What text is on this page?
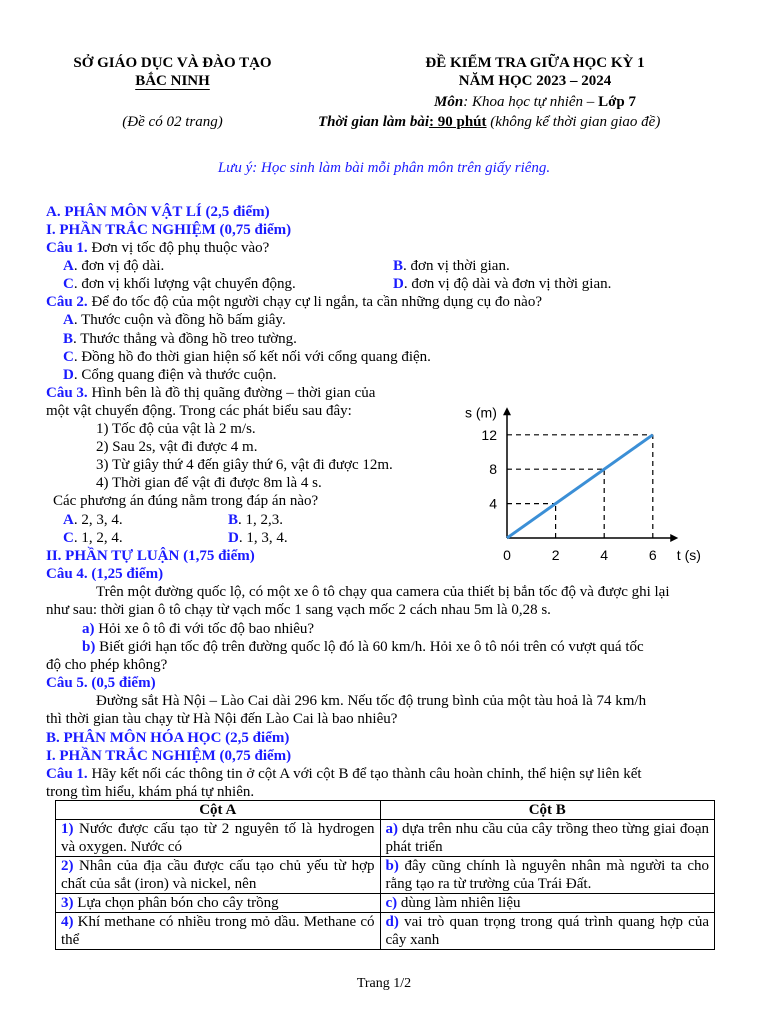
SỞ GIÁO DỤC VÀ ĐÀO TẠO
BẮC NINH
(Đề có 02 trang)
ĐỀ KIỂM TRA GIỮA HỌC KỲ 1
NĂM HỌC 2023 – 2024
Môn: Khoa học tự nhiên – Lớp 7
Thời gian làm bài: 90 phút (không kể thời gian giao đề)
Lưu ý: Học sinh làm bài mỗi phân môn trên giấy riêng.
A. PHÂN MÔN VẬT LÍ (2,5 điểm)
I. PHẦN TRẮC NGHIỆM (0,75 điểm)
Câu 1. Đơn vị tốc độ phụ thuộc vào?
A. đơn vị độ dài.	B. đơn vị thời gian.
C. đơn vị khối lượng vật chuyển động.	D. đơn vị độ dài và đơn vị thời gian.
Câu 2. Để đo tốc độ của một người chạy cự li ngắn, ta cần những dụng cụ đo nào?
A. Thước cuộn và đồng hồ bấm giây.
B. Thước thẳng và đồng hồ treo tường.
C. Đồng hồ đo thời gian hiện số kết nối với cổng quang điện.
D. Cổng quang điện và thước cuộn.
Câu 3. Hình bên là đồ thị quãng đường – thời gian của
một vật chuyển động. Trong các phát biểu sau đây:
1) Tốc độ của vật là 2 m/s.
2) Sau 2s, vật đi được 4 m.
3) Từ giây thứ 4 đến giây thứ 6, vật đi được 12m.
4) Thời gian để vật đi được 8m là 4 s.
Các phương án đúng nằm trong đáp án nào?
A. 2, 3, 4.	B. 1, 2,3.
C. 1, 2, 4.	D. 1, 3, 4.
0	2	4	6
4
8
12
s (m)
t (s)
II. PHẦN TỰ LUẬN (1,75 điểm)
Câu 4. (1,25 điểm)
Trên một đường quốc lộ, có một xe ô tô chạy qua camera của thiết bị bắn tốc độ và được ghi lại
như sau: thời gian ô tô chạy từ vạch mốc 1 sang vạch mốc 2 cách nhau 5m là 0,28 s.
a) Hỏi xe ô tô đi với tốc độ bao nhiêu?
b) Biết giới hạn tốc độ trên đường quốc lộ đó là 60 km/h. Hỏi xe ô tô nói trên có vượt quá tốc
độ cho phép không?
Câu 5. (0,5 điểm)
Đường sắt Hà Nội – Lào Cai dài 296 km. Nếu tốc độ trung bình của một tàu hoả là 74 km/h
thì thời gian tàu chạy từ Hà Nội đến Lào Cai là bao nhiêu?
B. PHÂN MÔN HÓA HỌC (2,5 điểm)
I. PHẦN TRẮC NGHIỆM (0,75 điểm)
Câu 1. Hãy kết nối các thông tin ở cột A với cột B để tạo thành câu hoàn chỉnh, thể hiện sự liên kết
trong tìm hiểu, khám phá tự nhiên.
Cột A	Cột B
1) Nước được cấu tạo từ 2 nguyên tố là hydrogen và oxygen. Nước có	a) dựa trên nhu cầu của cây trồng theo từng giai đoạn phát triển
2) Nhân của địa cầu được cấu tạo chủ yếu từ hợp chất của sắt (iron) và nickel, nên	b) đây cũng chính là nguyên nhân mà người ta cho rằng tạo ra từ trường của Trái Đất.
3) Lựa chọn phân bón cho cây trồng	c) dùng làm nhiên liệu
4) Khí methane có nhiều trong mỏ dầu. Methane có thể	d) vai trò quan trọng trong quá trình quang hợp của cây xanh
Trang 1/2
